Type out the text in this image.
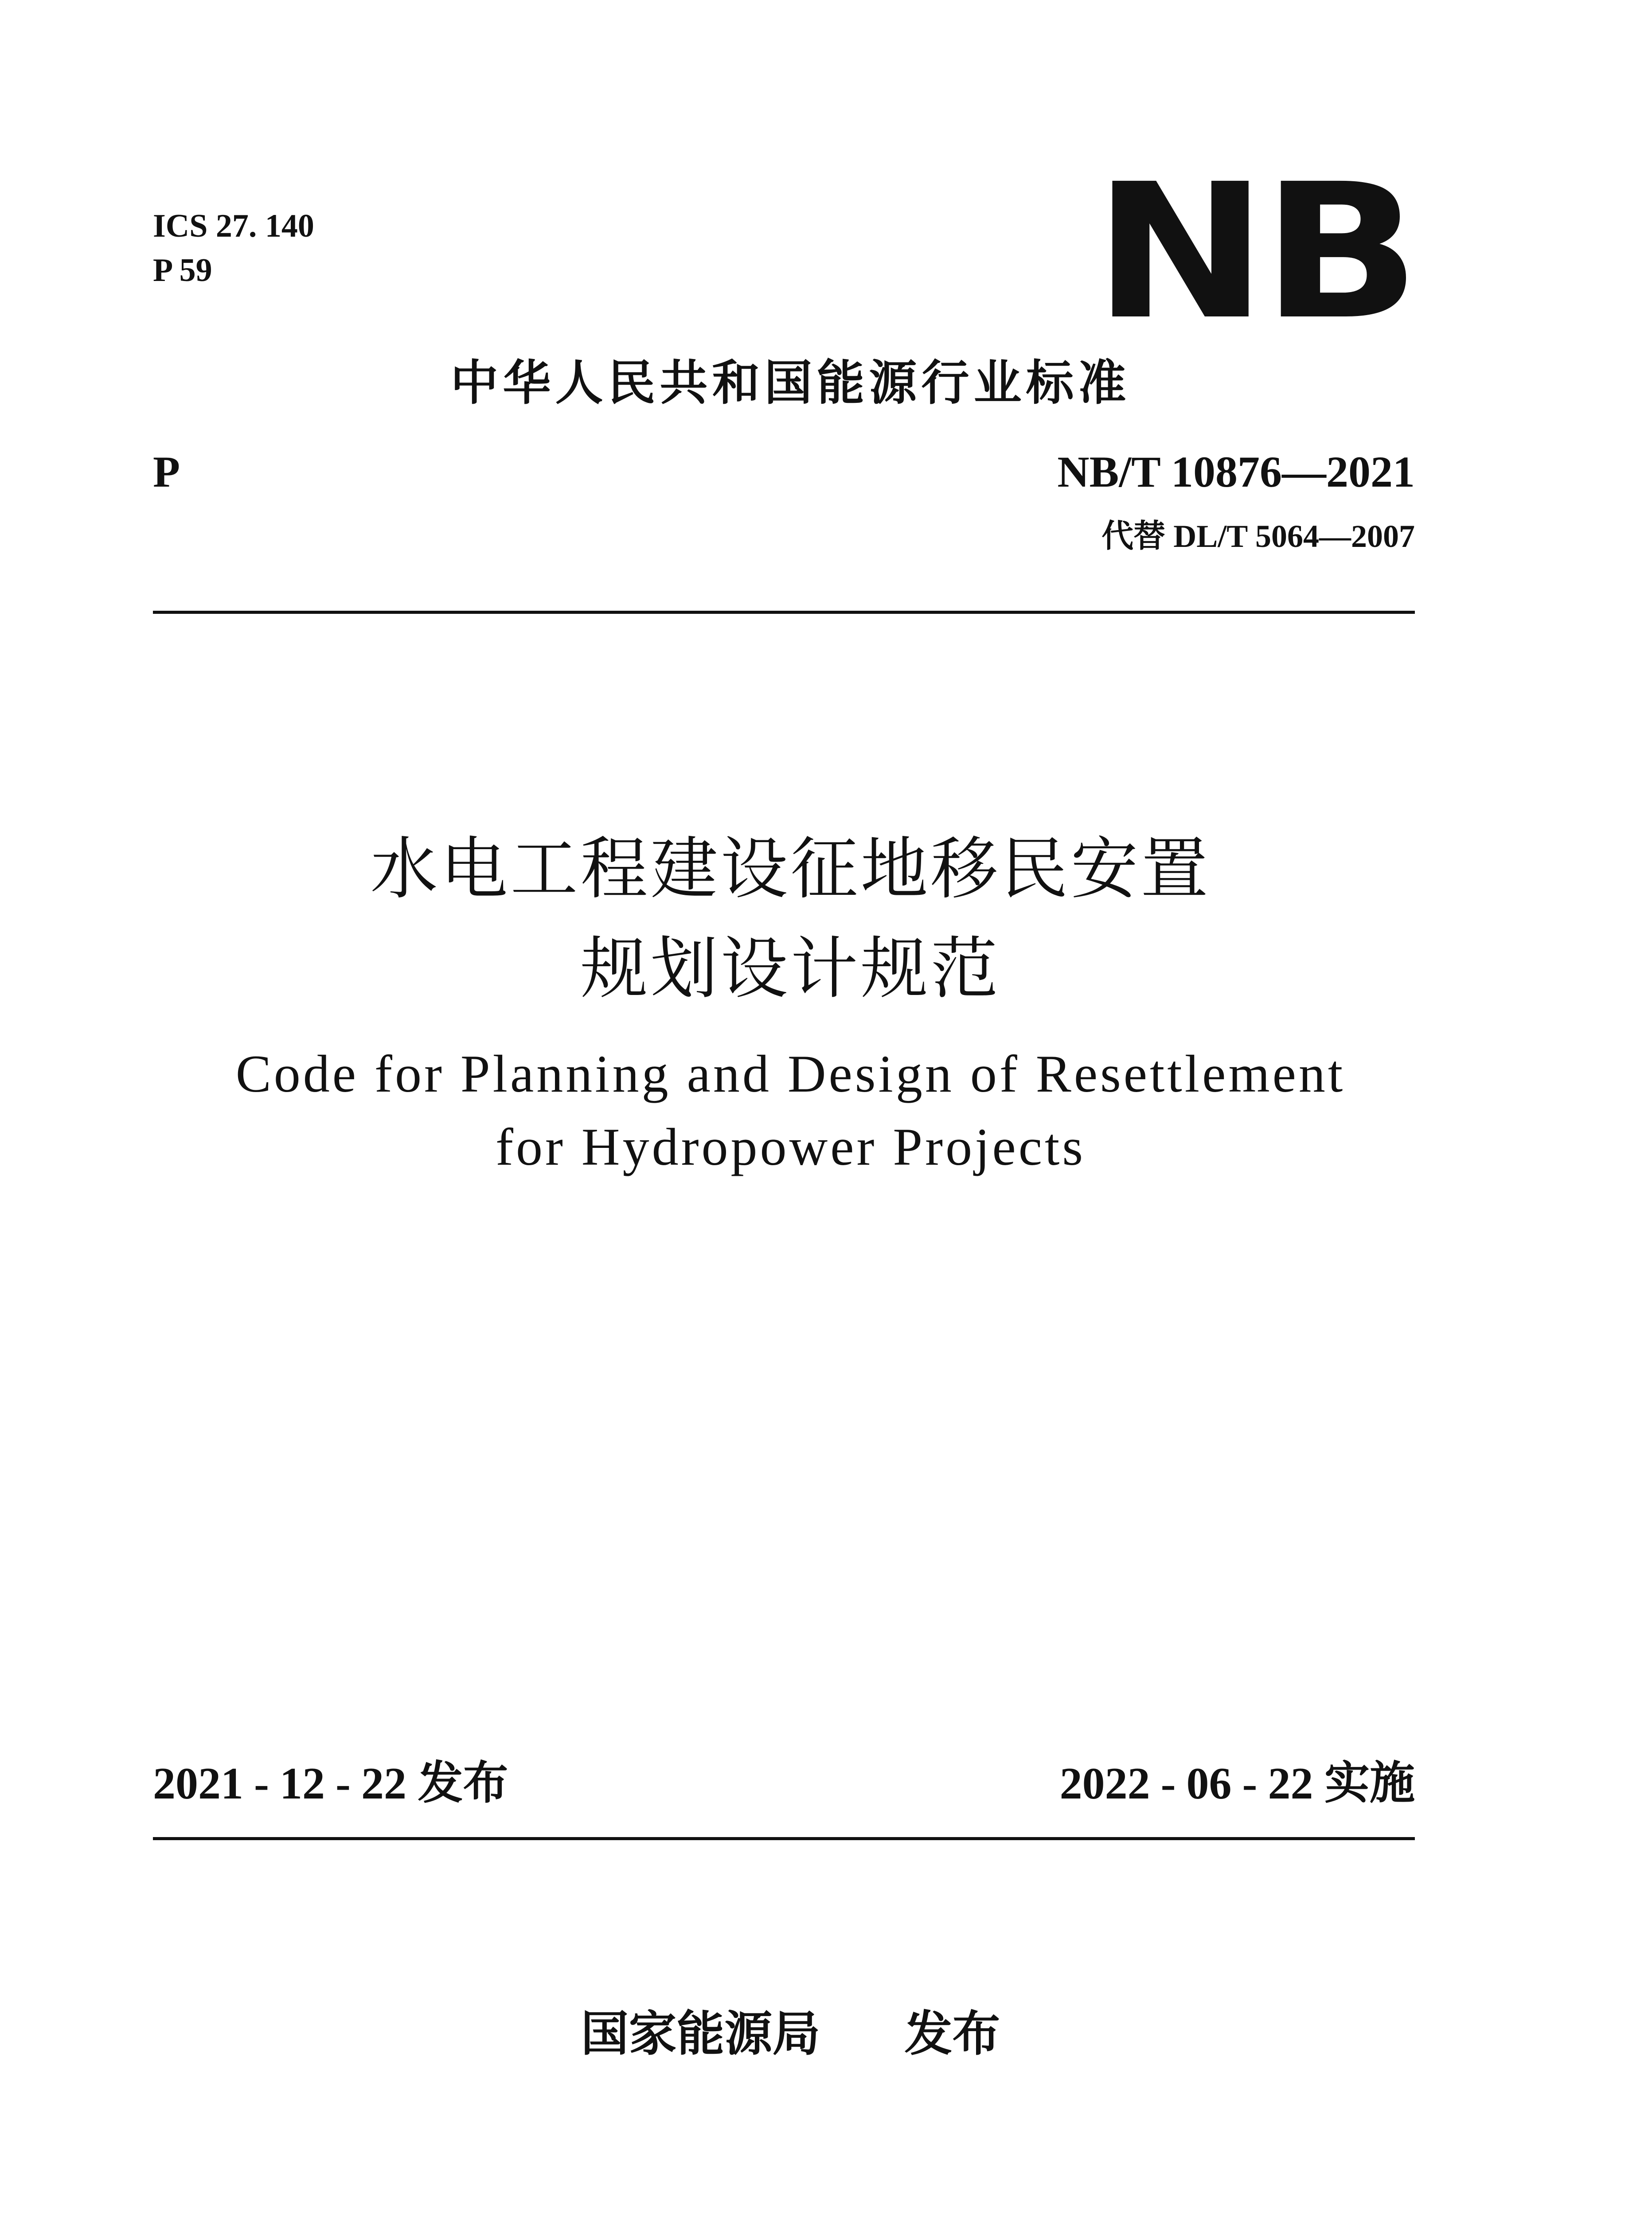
ICS 27. 140
P 59	NB
中华人民共和国能源行业标准
P	NB/T 10876—2021
代替 DL/T 5064—2007
水电工程建设征地移民安置
规划设计规范
Code for Planning and Design of Resettlement
for Hydropower Projects
2021 - 12 - 22 发布	2022 - 06 - 22 实施
国家能源局 发布
